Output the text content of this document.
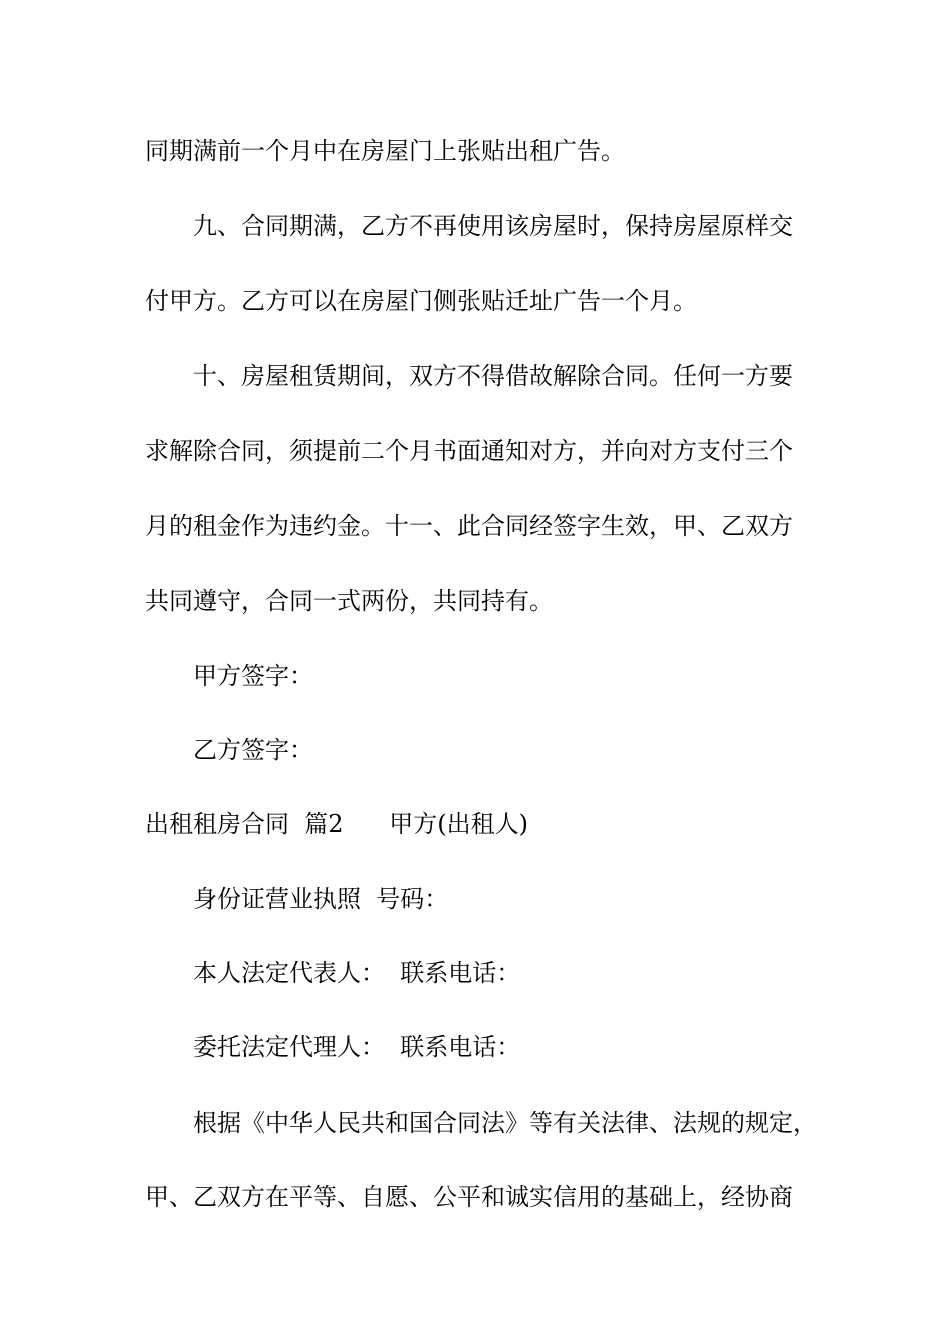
同期满前一个月中在房屋门上张贴出租广告。
九、合同期满，乙方不再使用该房屋时，保持房屋原样交
付甲方。乙方可以在房屋门侧张贴迁址广告一个月。
十、房屋租赁期间，双方不得借故解除合同。任何一方要
求解除合同，须提前二个月书面通知对方，并向对方支付三个
月的租金作为违约金。十一、此合同经签字生效，甲、乙双方
共同遵守，合同一式两份，共同持有。
甲方签字：
乙方签字：
出租租房合同  篇2      甲方(出租人)
身份证营业执照  号码：
本人法定代表人：  联系电话：
委托法定代理人：  联系电话：
根据《中华人民共和国合同法》等有关法律、法规的规定，
甲、乙双方在平等、自愿、公平和诚实信用的基础上，经协商
